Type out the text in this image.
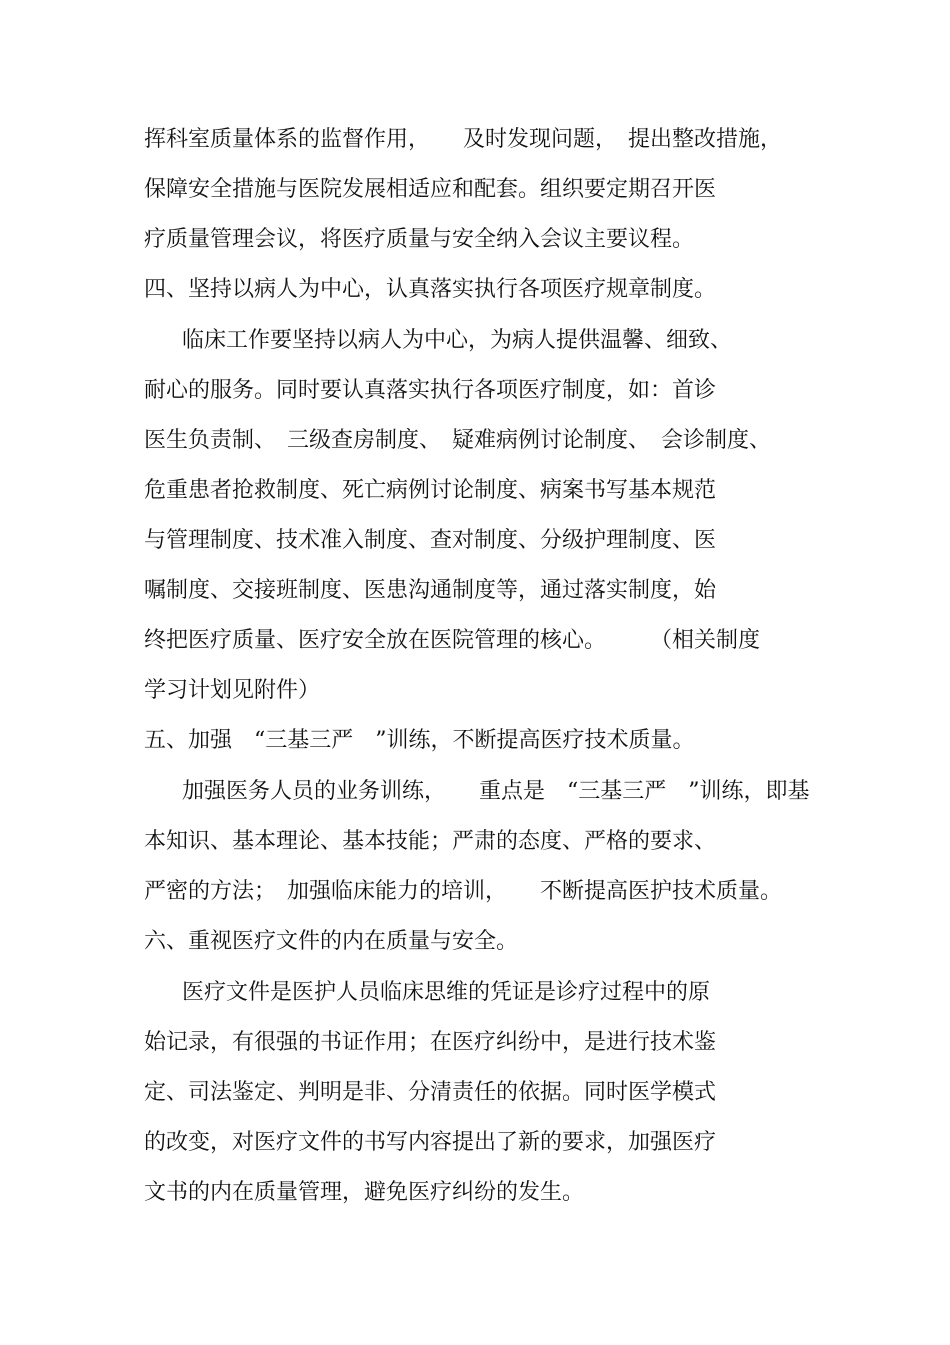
挥科室质量体系的监督作用，　　及时发现问题，　提出整改措施，
保障安全措施与医院发展相适应和配套。组织要定期召开医
疗质量管理会议，将医疗质量与安全纳入会议主要议程。
四、坚持以病人为中心，认真落实执行各项医疗规章制度。
临床工作要坚持以病人为中心，为病人提供温馨、细致、
耐心的服务。同时要认真落实执行各项医疗制度，如：首诊
医生负责制、　三级查房制度、　疑难病例讨论制度、　会诊制度、
危重患者抢救制度、死亡病例讨论制度、病案书写基本规范
与管理制度、技术准入制度、查对制度、分级护理制度、医
嘱制度、交接班制度、医患沟通制度等，通过落实制度，始
终把医疗质量、医疗安全放在医院管理的核心。　　　（相关制度
学习计划见附件）
五、加强　“三基三严　”训练，不断提高医疗技术质量。
加强医务人员的业务训练，　　重点是　“三基三严　”训练，即基
本知识、基本理论、基本技能；严肃的态度、严格的要求、
严密的方法；　加强临床能力的培训，　　不断提高医护技术质量。
六、重视医疗文件的内在质量与安全。
医疗文件是医护人员临床思维的凭证是诊疗过程中的原
始记录，有很强的书证作用；在医疗纠纷中，是进行技术鉴
定、司法鉴定、判明是非、分清责任的依据。同时医学模式
的改变，对医疗文件的书写内容提出了新的要求，加强医疗
文书的内在质量管理，避免医疗纠纷的发生。
